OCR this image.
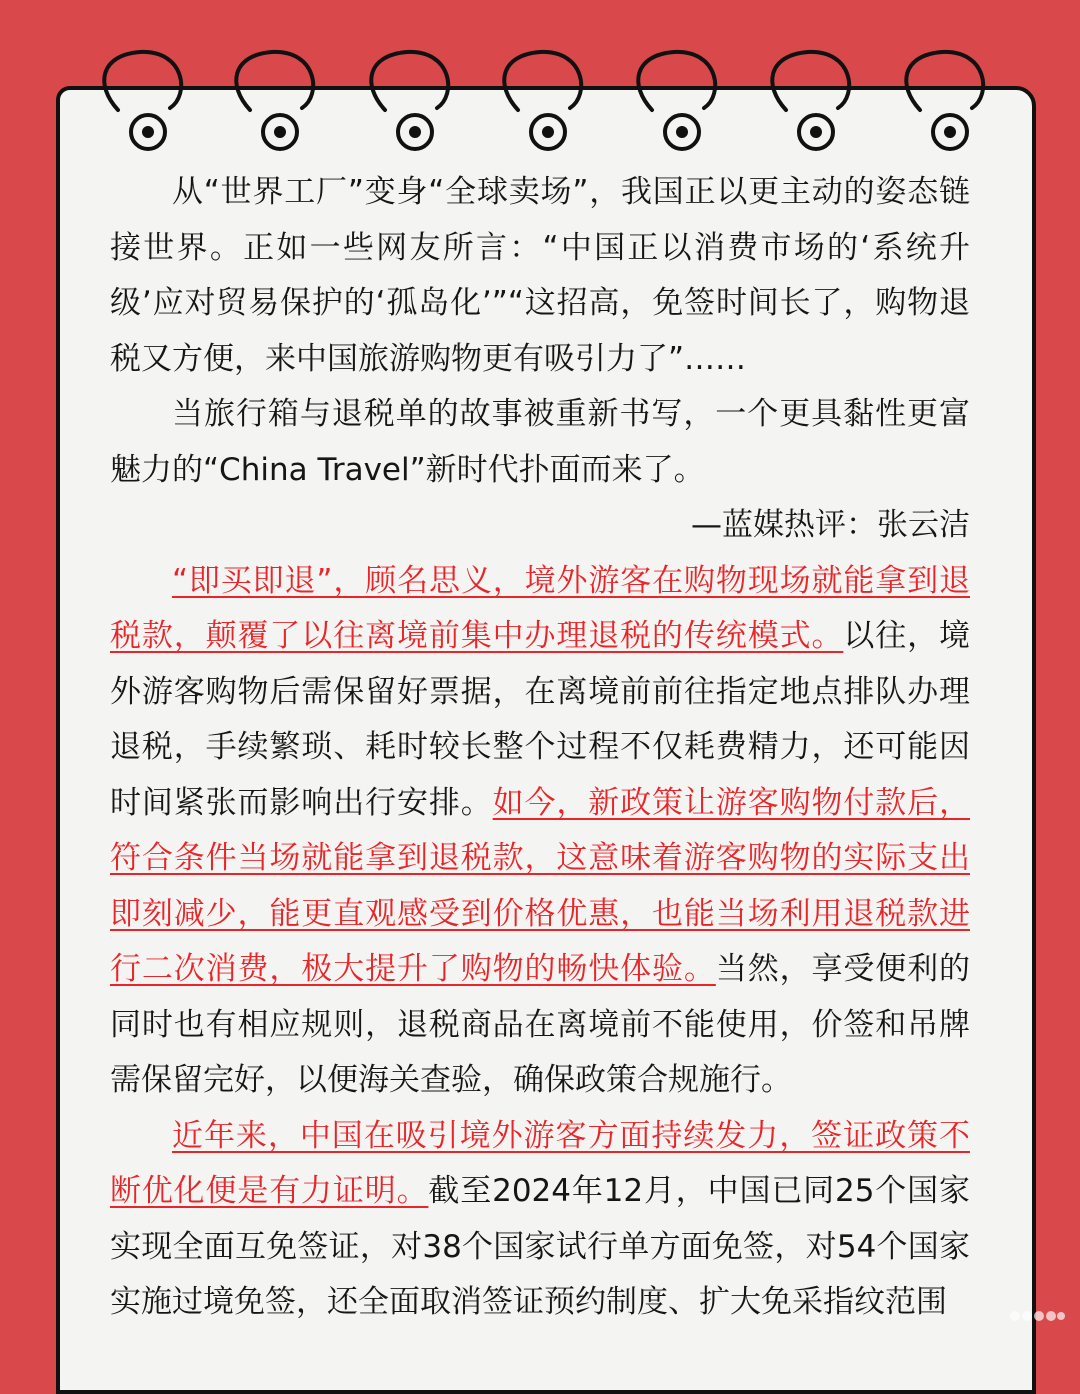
从“世界工厂”变身“全球卖场”，我国正以更主动的姿态链接世界。正如一些网友所言：“中国正以消费市场的‘系统升级’应对贸易保护的‘孤岛化’”“这招高，免签时间长了，购物退税又方便，来中国旅游购物更有吸引力了”……

当旅行箱与退税单的故事被重新书写，一个更具黏性更富魅力的“China Travel”新时代扑面而来了。

—蓝媒热评：张云洁

“即买即退”，顾名思义，境外游客在购物现场就能拿到退税款，颠覆了以往离境前集中办理退税的传统模式。以往，境外游客购物后需保留好票据，在离境前前往指定地点排队办理退税，手续繁琐、耗时较长整个过程不仅耗费精力，还可能因时间紧张而影响出行安排。如今，新政策让游客购物付款后，符合条件当场就能拿到退税款，这意味着游客购物的实际支出即刻减少，能更直观感受到价格优惠，也能当场利用退税款进行二次消费，极大提升了购物的畅快体验。当然，享受便利的同时也有相应规则，退税商品在离境前不能使用，价签和吊牌需保留完好，以便海关查验，确保政策合规施行。

近年来，中国在吸引境外游客方面持续发力，签证政策不断优化便是有力证明。截至2024年12月，中国已同25个国家实现全面互免签证，对38个国家试行单方面免签，对54个国家实施过境免签，还全面取消签证预约制度、扩大免采指纹范围
